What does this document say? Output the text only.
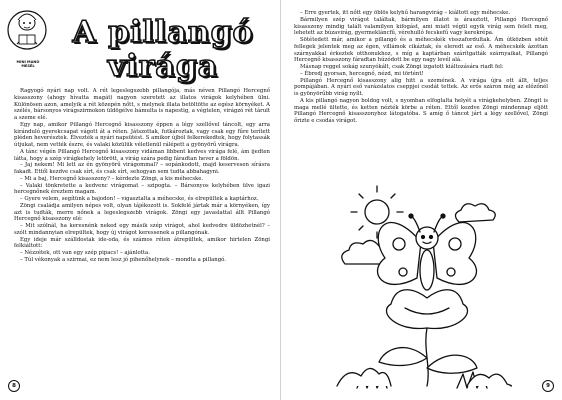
MINI MANÓ
MESÉL
A pillangó
virága

Ragyogó nyári nap volt. A rét legeslegszebb pillangója, más néven Pillangó Hercegnő kisasszony (ahogy hívatta magát) nagyon szeretett az illatos virágok kelyhében ülni. Különösen azon, amelyik a rét közepén nőtt, s melynek illata betöltötte az egész környéket. A szélés, bársonyos virágszirmokon üldögélve bámulta is napestig, a végtelen, virágzó rét tárult a szeme elé.

Egy nap, amikor Pillangó Hercegnő kisasszony éppen a légy szellővel táncolt, egy arra kiránduló gyerekcsapat vágott át a réten. Játszottak, futkároztak, vagy csak egy fűre terített pléden heverésztek. Élvezték a nyári napsütést. S amikor újból felkerekedtek, hogy folytassák útjukat, nem vették észre, és valaki közülük véletlenül rálépett a gyönyörű virágra.

A tánc végén Pillangó Hercegnő kisasszony vidáman libbent kedves virága felé, ám ijedten látta, hogy a szép virágkehely letörött, a virág szára pedig fáradtan hever a földön.

– Jaj nekem! Mi lett az én gyönyörű virágommal? – sopánkodott, majd keservesen sírásra fakadt. Ettől kezdve csak sírt, és csak sírt, sehogyan sem tudta abbahagyni.

– Mi a baj, Hercegnő kisasszony? – kérdezte Zöngi, a kis méhecske.

– Valaki tönkretette a kedvenc virágomat – szipogta. – Bársonyos kelyhében ülve igazi hercegnőnek éreztem magam.

– Gyere velem, segítünk a bajodon! – vigasztalta a méhecske, és elrepültek a kaptárhoz.

Zöngi családja amilyen népes volt, olyan tájékozott is. Sokfelé jártak már a környéken, így azt is tudták, merre nőnek a legeslegszebb virágok. Zöngi egy javaslattal állt Pillangó Hercegnő kisasszony elé:

– Mit szólnál, ha keresnénk neked egy másik szép virágot, ahol kedvedre üldözhetnél? – szólt mindannyian elrepültek, hogy új virágot keressenek a pillangónak.

Egy ideje már szálldostak ide-oda, és számos réten átrepültek, amikor hirtelen Zöngi felkiáltott:

– Nézzétek, ott van egy szép pipacs! – ajánlotta.

– Túl vékonyak a szirmai, ez nem lesz jó pihenőhelynek – mondta a pillangó.

8

– Erre gyertek, itt nőtt egy öblös kelyhű harangvirág – kiáltott egy méhecske.

Bármilyen szép virágot találtak, bármilyen illatot is árasztott, Pillangó Hercegnő kisasszony mindig talált valamilyen kifogást, ami miatt végül egyik virág sem felelt meg, lehetett az búzavirág, gyermekláncfű, vérehulló fecskefű vagy kerekrépa.

Sötétedett már, amikor a pillangó és a méhecskék visszafordultak. Ám útközben sötét fellegek jelentek meg az égen, villámok cikáztak, és eleredt az eső. A méhecskék ázottan szárnyakkal érkeztek otthonukhoz, s míg a kaptárban szárítgatták szárnyaikat, Pillangó Hercegnő kisasszony fáradtan húzódott be egy nagy levél alá.

Másnap reggel sokág szunyókált, csak Zöngi izgatott kiáltozására riadt fel:

– Ébredj gyorsan, hercegnő, nézd, mi történt!

Pillangó Hercegnő kisasszony alig hitt a szemének. A virága újra ott állt, teljes pompájában. A nyári eső varázslatos cseppjei csodát tettek. Az erős száron még az előzőnél is gyönyörűbb virág nyílt.

A kis pillangó nagyon boldog volt, s nyomban elfoglalta helyét a virágkehelyben. Zöngit is maga mellé ültette, és ketten nézték körbe a réten. Ettől kezdve Zöngi mindennap eljött Pillangó Hercegnő kisasszonyhoz látogatóba. S amíg ő táncot járt a légy szellővel, Zöngi őrizte e csodás virágot.

9
